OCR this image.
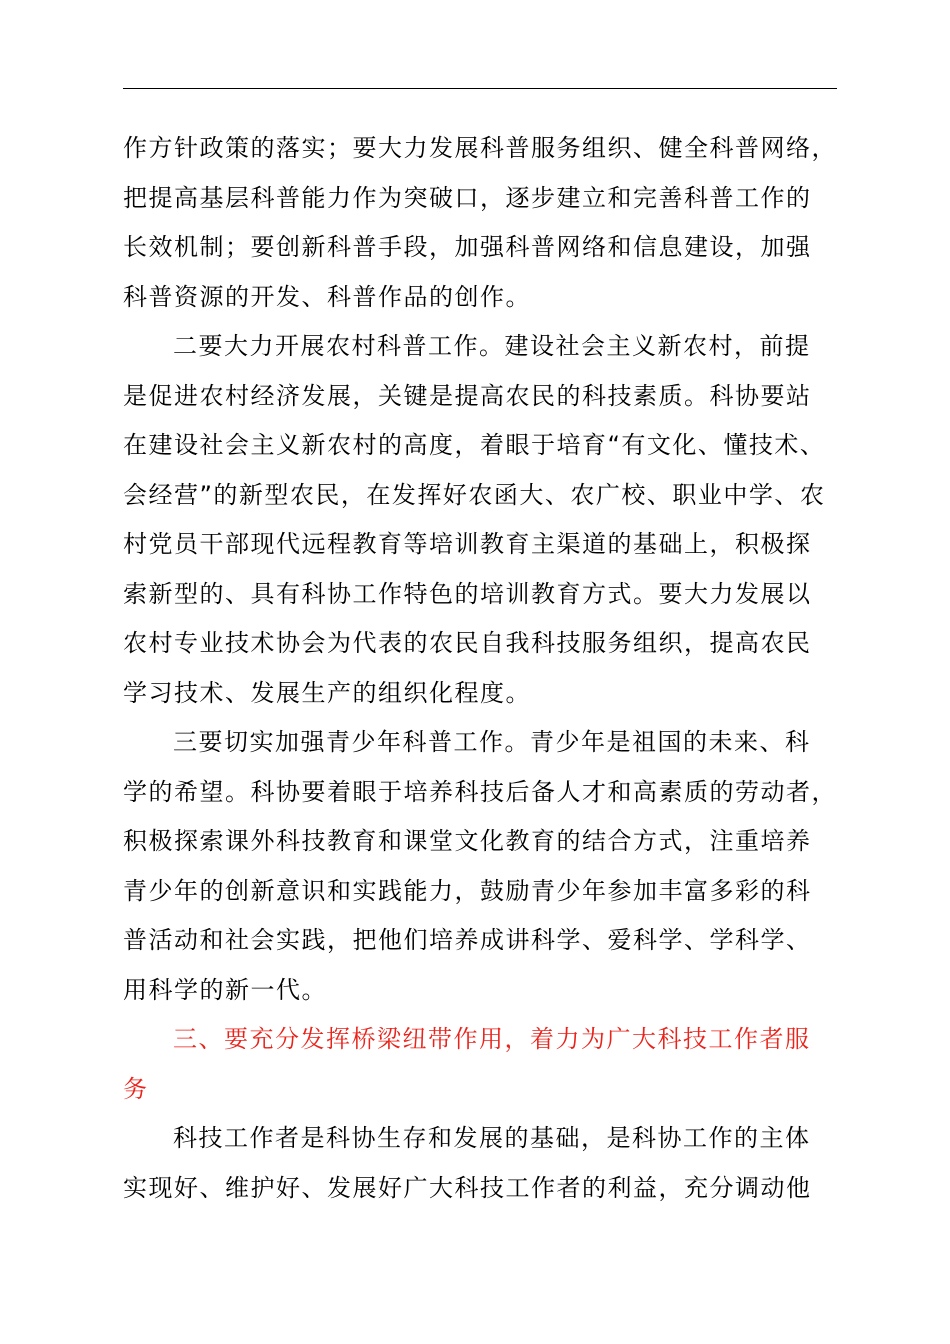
作方针政策的落实；要大力发展科普服务组织、健全科普网络，
把提高基层科普能力作为突破口，逐步建立和完善科普工作的
长效机制；要创新科普手段，加强科普网络和信息建设，加强
科普资源的开发、科普作品的创作。
二要大力开展农村科普工作。建设社会主义新农村，前提
是促进农村经济发展，关键是提高农民的科技素质。科协要站
在建设社会主义新农村的高度，着眼于培育“有文化、懂技术、
会经营”的新型农民，在发挥好农函大、农广校、职业中学、农
村党员干部现代远程教育等培训教育主渠道的基础上，积极探
索新型的、具有科协工作特色的培训教育方式。要大力发展以
农村专业技术协会为代表的农民自我科技服务组织，提高农民
学习技术、发展生产的组织化程度。
三要切实加强青少年科普工作。青少年是祖国的未来、科
学的希望。科协要着眼于培养科技后备人才和高素质的劳动者，
积极探索课外科技教育和课堂文化教育的结合方式，注重培养
青少年的创新意识和实践能力，鼓励青少年参加丰富多彩的科
普活动和社会实践，把他们培养成讲科学、爱科学、学科学、
用科学的新一代。
三、要充分发挥桥梁纽带作用，着力为广大科技工作者服
务
科技工作者是科协生存和发展的基础，是科协工作的主体
实现好、维护好、发展好广大科技工作者的利益，充分调动他
